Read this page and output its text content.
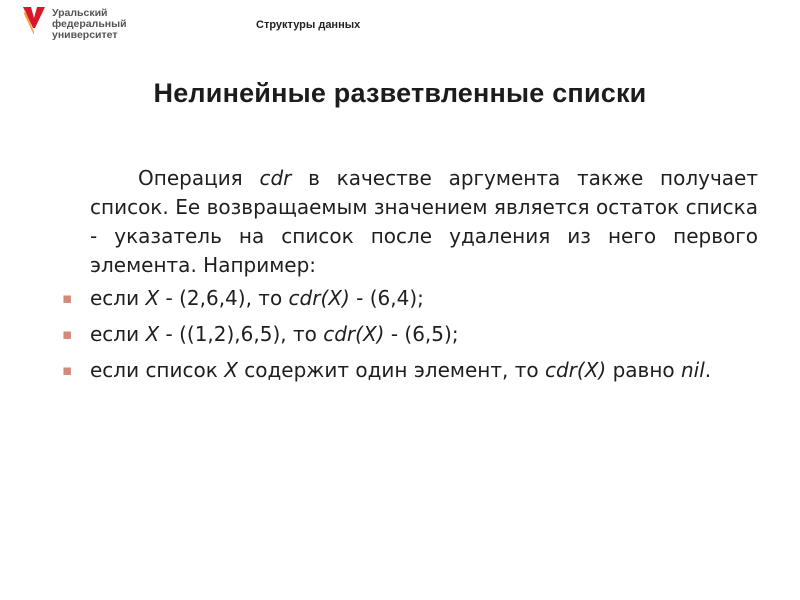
Уральский
федеральный
университет
Структуры данных
Нелинейные разветвленные списки

Операция cdr в качестве аргумента также получает список. Ее возвращаемым значением является остаток списка - указатель на список после удаления из него первого элемента. Например:

▪ если X - (2,6,4), то cdr(X) - (6,4);
▪ если X - ((1,2),6,5), то cdr(X) - (6,5);
▪ если список X содержит один элемент, то cdr(X) равно nil.
